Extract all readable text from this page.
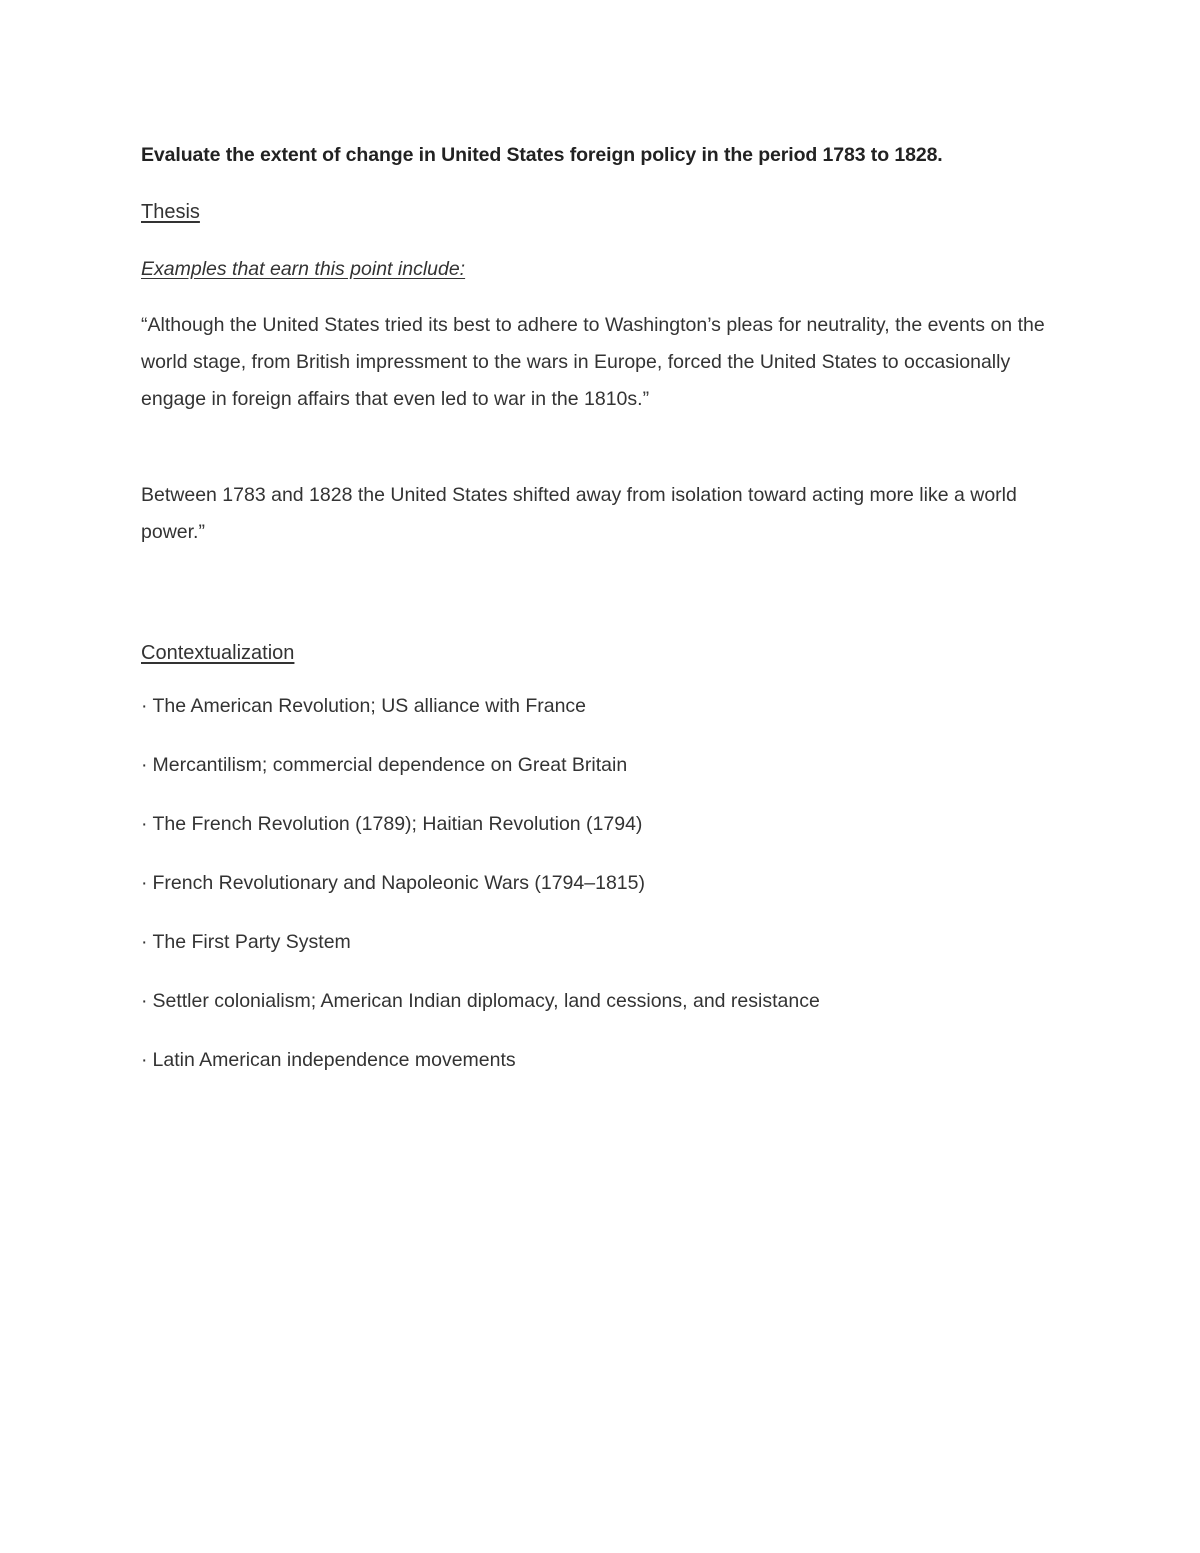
Evaluate the extent of change in United States foreign policy in the period 1783 to 1828.

Thesis

Examples that earn this point include:

“Although the United States tried its best to adhere to Washington’s pleas for neutrality, the events on the world stage, from British impressment to the wars in Europe, forced the United States to occasionally engage in foreign affairs that even led to war in the 1810s.”

Between 1783 and 1828 the United States shifted away from isolation toward acting more like a world power.”

Contextualization

· The American Revolution; US alliance with France
· Mercantilism; commercial dependence on Great Britain
· The French Revolution (1789); Haitian Revolution (1794)
· French Revolutionary and Napoleonic Wars (1794–1815)
· The First Party System
· Settler colonialism; American Indian diplomacy, land cessions, and resistance
· Latin American independence movements
